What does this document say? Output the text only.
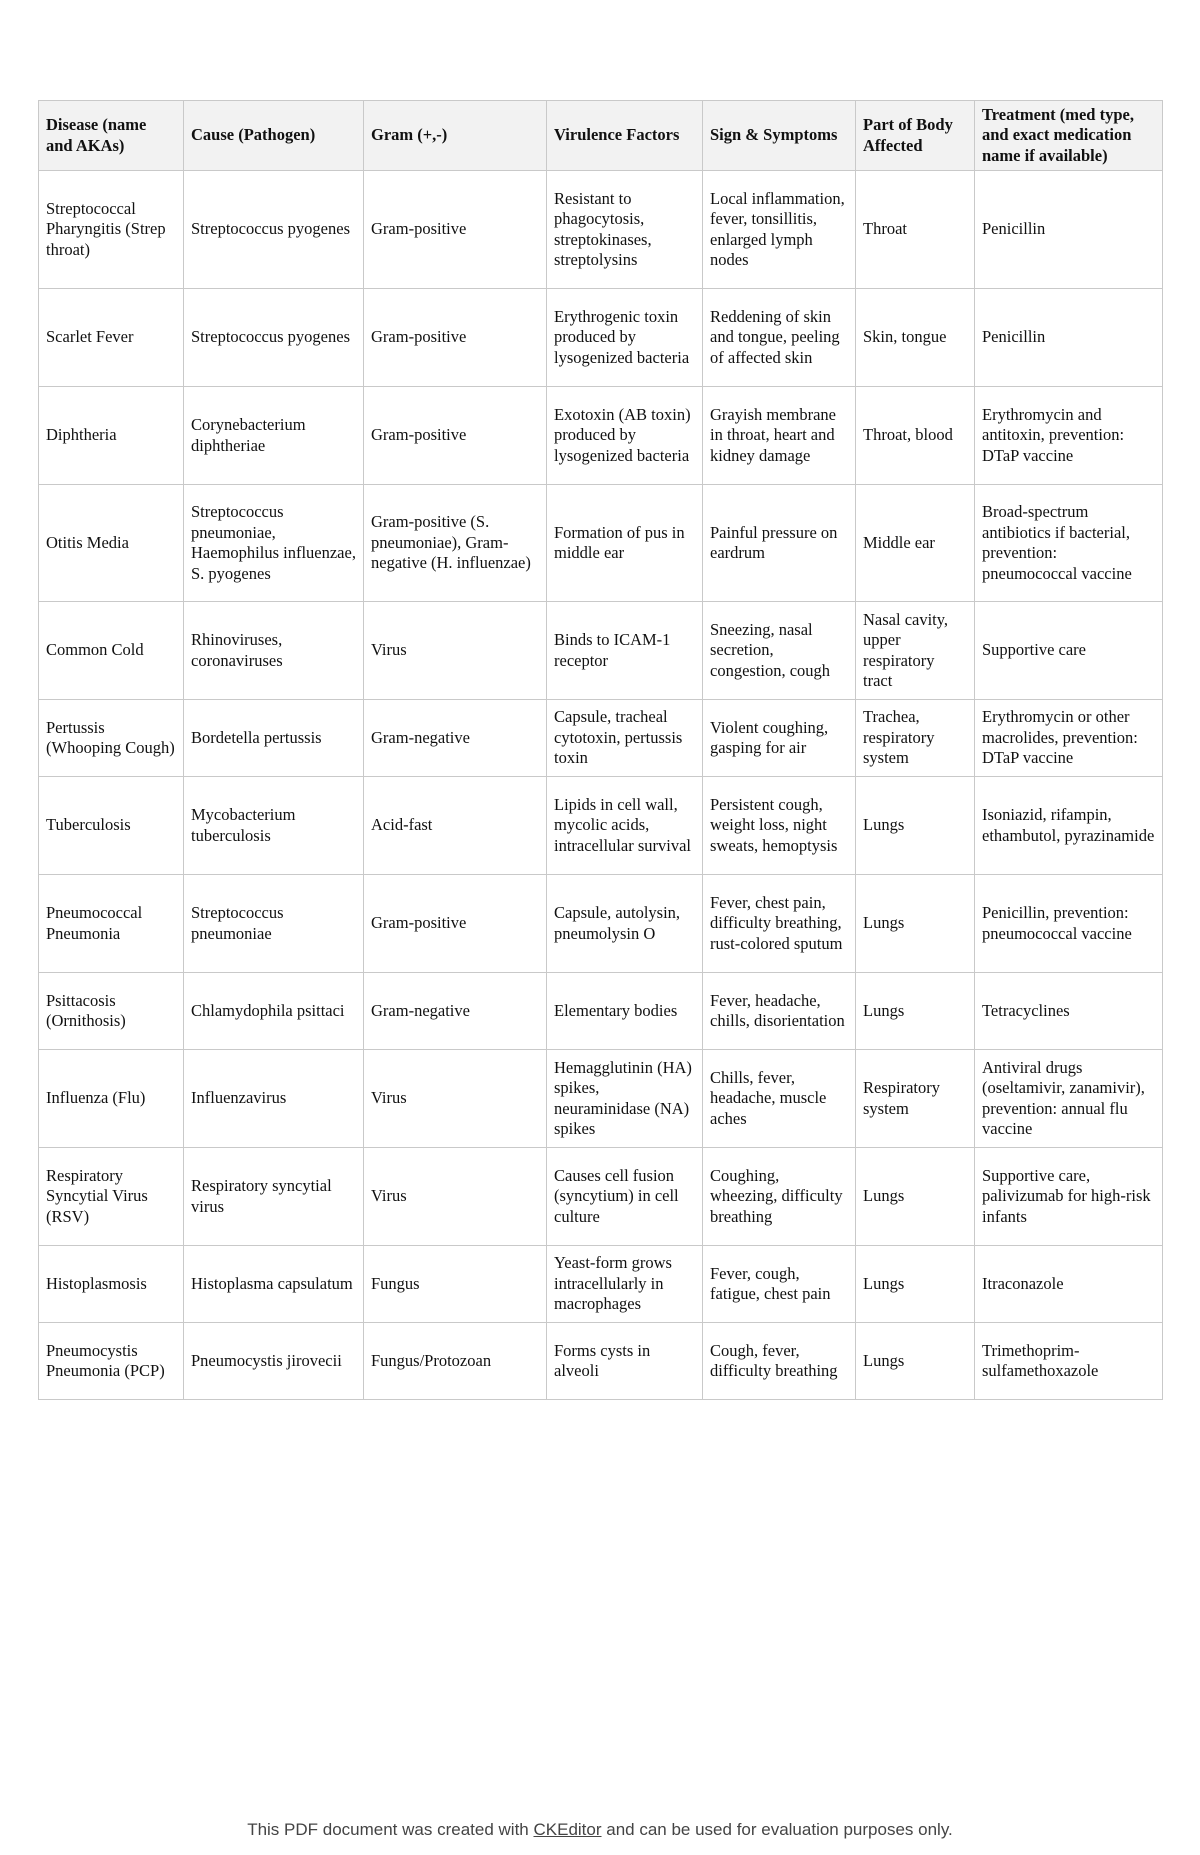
Disease (name and AKAs)	Cause (Pathogen)	Gram (+,-)	Virulence Factors	Sign & Symptoms	Part of Body Affected	Treatment (med type, and exact medication name if available)
Streptococcal Pharyngitis (Strep throat)	Streptococcus pyogenes	Gram-positive	Resistant to phagocytosis, streptokinases, streptolysins	Local inflammation, fever, tonsillitis, enlarged lymph nodes	Throat	Penicillin
Scarlet Fever	Streptococcus pyogenes	Gram-positive	Erythrogenic toxin produced by lysogenized bacteria	Reddening of skin and tongue, peeling of affected skin	Skin, tongue	Penicillin
Diphtheria	Corynebacterium diphtheriae	Gram-positive	Exotoxin (AB toxin) produced by lysogenized bacteria	Grayish membrane in throat, heart and kidney damage	Throat, blood	Erythromycin and antitoxin, prevention: DTaP vaccine
Otitis Media	Streptococcus pneumoniae, Haemophilus influenzae, S. pyogenes	Gram-positive (S. pneumoniae), Gram-negative (H. influenzae)	Formation of pus in middle ear	Painful pressure on eardrum	Middle ear	Broad-spectrum antibiotics if bacterial, prevention: pneumococcal vaccine
Common Cold	Rhinoviruses, coronaviruses	Virus	Binds to ICAM-1 receptor	Sneezing, nasal secretion, congestion, cough	Nasal cavity, upper respiratory tract	Supportive care
Pertussis (Whooping Cough)	Bordetella pertussis	Gram-negative	Capsule, tracheal cytotoxin, pertussis toxin	Violent coughing, gasping for air	Trachea, respiratory system	Erythromycin or other macrolides, prevention: DTaP vaccine
Tuberculosis	Mycobacterium tuberculosis	Acid-fast	Lipids in cell wall, mycolic acids, intracellular survival	Persistent cough, weight loss, night sweats, hemoptysis	Lungs	Isoniazid, rifampin, ethambutol, pyrazinamide
Pneumococcal Pneumonia	Streptococcus pneumoniae	Gram-positive	Capsule, autolysin, pneumolysin O	Fever, chest pain, difficulty breathing, rust-colored sputum	Lungs	Penicillin, prevention: pneumococcal vaccine
Psittacosis (Ornithosis)	Chlamydophila psittaci	Gram-negative	Elementary bodies	Fever, headache, chills, disorientation	Lungs	Tetracyclines
Influenza (Flu)	Influenzavirus	Virus	Hemagglutinin (HA) spikes, neuraminidase (NA) spikes	Chills, fever, headache, muscle aches	Respiratory system	Antiviral drugs (oseltamivir, zanamivir), prevention: annual flu vaccine
Respiratory Syncytial Virus (RSV)	Respiratory syncytial virus	Virus	Causes cell fusion (syncytium) in cell culture	Coughing, wheezing, difficulty breathing	Lungs	Supportive care, palivizumab for high-risk infants
Histoplasmosis	Histoplasma capsulatum	Fungus	Yeast-form grows intracellularly in macrophages	Fever, cough, fatigue, chest pain	Lungs	Itraconazole
Pneumocystis Pneumonia (PCP)	Pneumocystis jirovecii	Fungus/Protozoan	Forms cysts in alveoli	Cough, fever, difficulty breathing	Lungs	Trimethoprim-sulfamethoxazole
This PDF document was created with CKEditor and can be used for evaluation purposes only.
